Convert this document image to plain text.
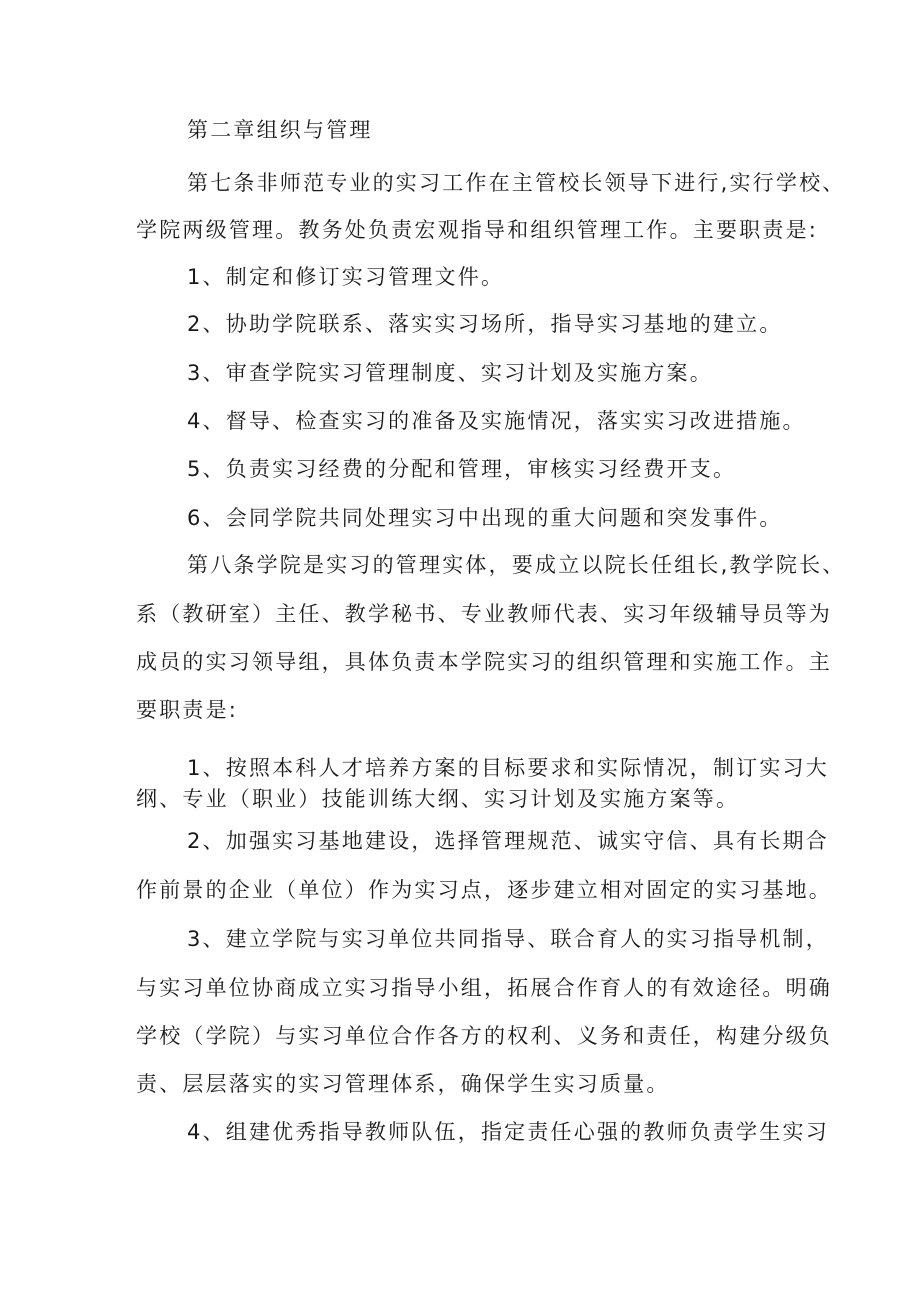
第二章组织与管理
第七条非师范专业的实习工作在主管校长领导下进行,实行学校、
学院两级管理。教务处负责宏观指导和组织管理工作。主要职责是:
1、制定和修订实习管理文件。
2、协助学院联系、落实实习场所，指导实习基地的建立。
3、审查学院实习管理制度、实习计划及实施方案。
4、督导、检查实习的准备及实施情况，落实实习改进措施。
5、负责实习经费的分配和管理，审核实习经费开支。
6、会同学院共同处理实习中出现的重大问题和突发事件。
第八条学院是实习的管理实体，要成立以院长任组长,教学院长、
系（教研室）主任、教学秘书、专业教师代表、实习年级辅导员等为
成员的实习领导组，具体负责本学院实习的组织管理和实施工作。主
要职责是:
1、按照本科人才培养方案的目标要求和实际情况，制订实习大
纲、专业（职业）技能训练大纲、实习计划及实施方案等。
2、加强实习基地建设，选择管理规范、诚实守信、具有长期合
作前景的企业（单位）作为实习点，逐步建立相对固定的实习基地。
3、建立学院与实习单位共同指导、联合育人的实习指导机制，
与实习单位协商成立实习指导小组，拓展合作育人的有效途径。明确
学校（学院）与实习单位合作各方的权利、义务和责任，构建分级负
责、层层落实的实习管理体系，确保学生实习质量。
4、组建优秀指导教师队伍，指定责任心强的教师负责学生实习
